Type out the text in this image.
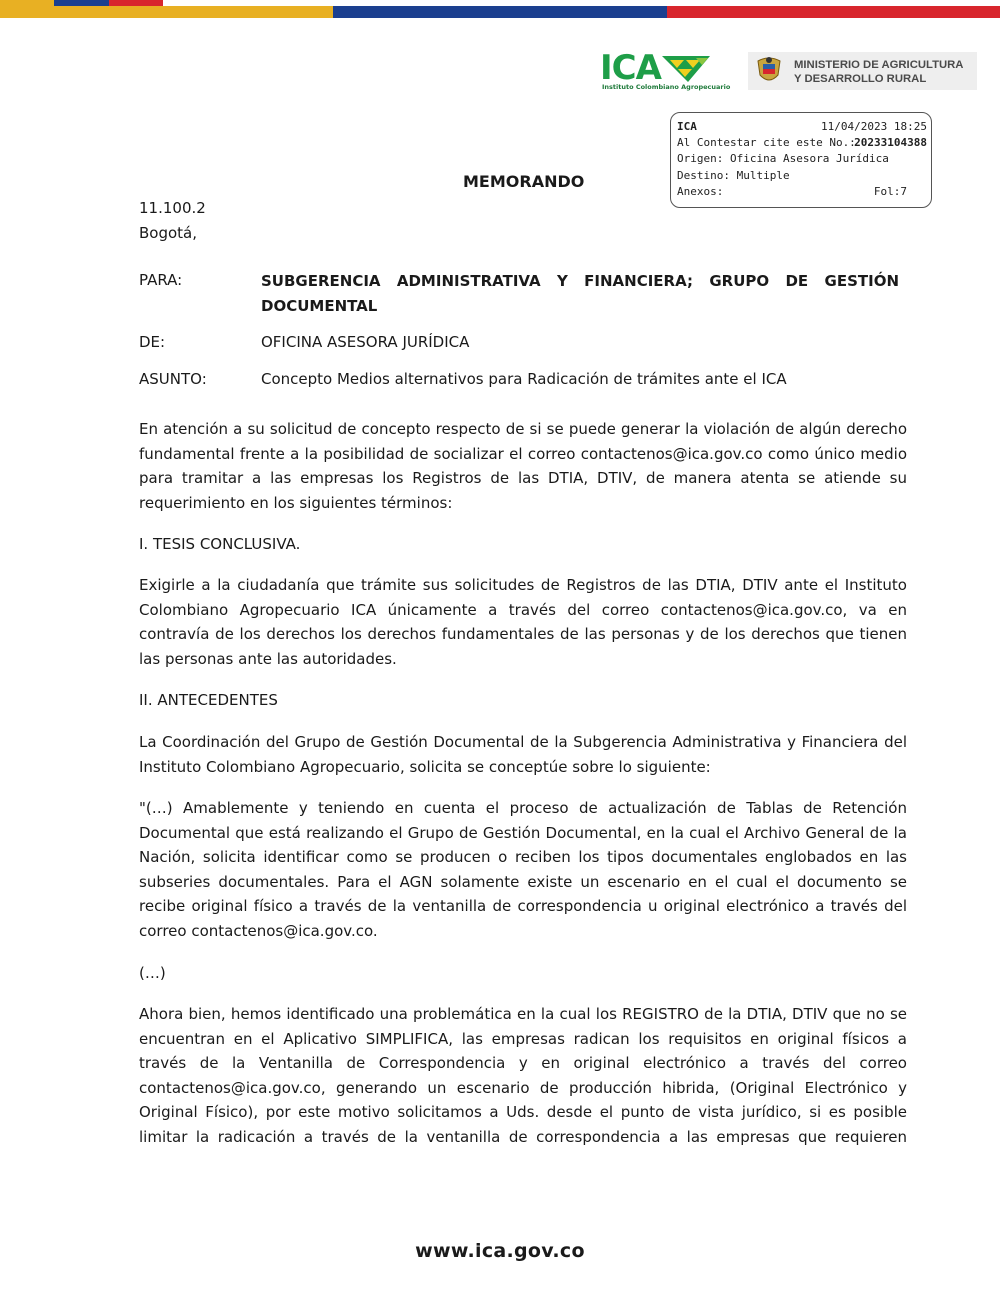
ICA
Instituto Colombiano Agropecuario
MINISTERIO DE AGRICULTURA
Y DESARROLLO RURAL
ICA	11/04/2023 18:25
Al Contestar cite este No.:
20233104388
Origen: Oficina Asesora Jurídica
Destino: Multiple
Anexos:	Fol:7
MEMORANDO
11.100.2
Bogotá,
PARA:	SUBGERENCIA ADMINISTRATIVA Y FINANCIERA; GRUPO DE GESTIÓN DOCUMENTAL
DE:	OFICINA ASESORA JURÍDICA
ASUNTO:	Concepto Medios alternativos para Radicación de trámites ante el ICA
En atención a su solicitud de concepto respecto de si se puede generar la violación de algún derecho fundamental frente a la posibilidad de socializar el correo contactenos@ica.gov.co como único medio para tramitar a las empresas los Registros de las DTIA, DTIV, de manera atenta se atiende su requerimiento en los siguientes términos:
I. TESIS CONCLUSIVA.
Exigirle a la ciudadanía que trámite sus solicitudes de Registros de las DTIA, DTIV ante el Instituto Colombiano Agropecuario ICA únicamente a través del correo contactenos@ica.gov.co, va en contravía de los derechos los derechos fundamentales de las personas y de los derechos que tienen las personas ante las autoridades.
II. ANTECEDENTES
La Coordinación del Grupo de Gestión Documental de la Subgerencia Administrativa y Financiera del Instituto Colombiano Agropecuario, solicita se conceptúe sobre lo siguiente:
"(…) Amablemente y teniendo en cuenta el proceso de actualización de Tablas de Retención Documental que está realizando el Grupo de Gestión Documental, en la cual el Archivo General de la Nación, solicita identificar como se producen o reciben los tipos documentales englobados en las subseries documentales. Para el AGN solamente existe un escenario en el cual el documento se recibe original físico a través de la ventanilla de correspondencia u original electrónico a través del correo contactenos@ica.gov.co.
(…)
Ahora bien, hemos identificado una problemática en la cual los REGISTRO de la DTIA, DTIV que no se encuentran en el Aplicativo SIMPLIFICA, las empresas radican los requisitos en original físicos a través de la Ventanilla de Correspondencia y en original electrónico a través del correo contactenos@ica.gov.co, generando un escenario de producción hibrida, (Original Electrónico y Original Físico), por este motivo solicitamos a Uds. desde el punto de vista jurídico, si es posible limitar la radicación a través de la ventanilla de correspondencia a las empresas que requieren
www.ica.gov.co
